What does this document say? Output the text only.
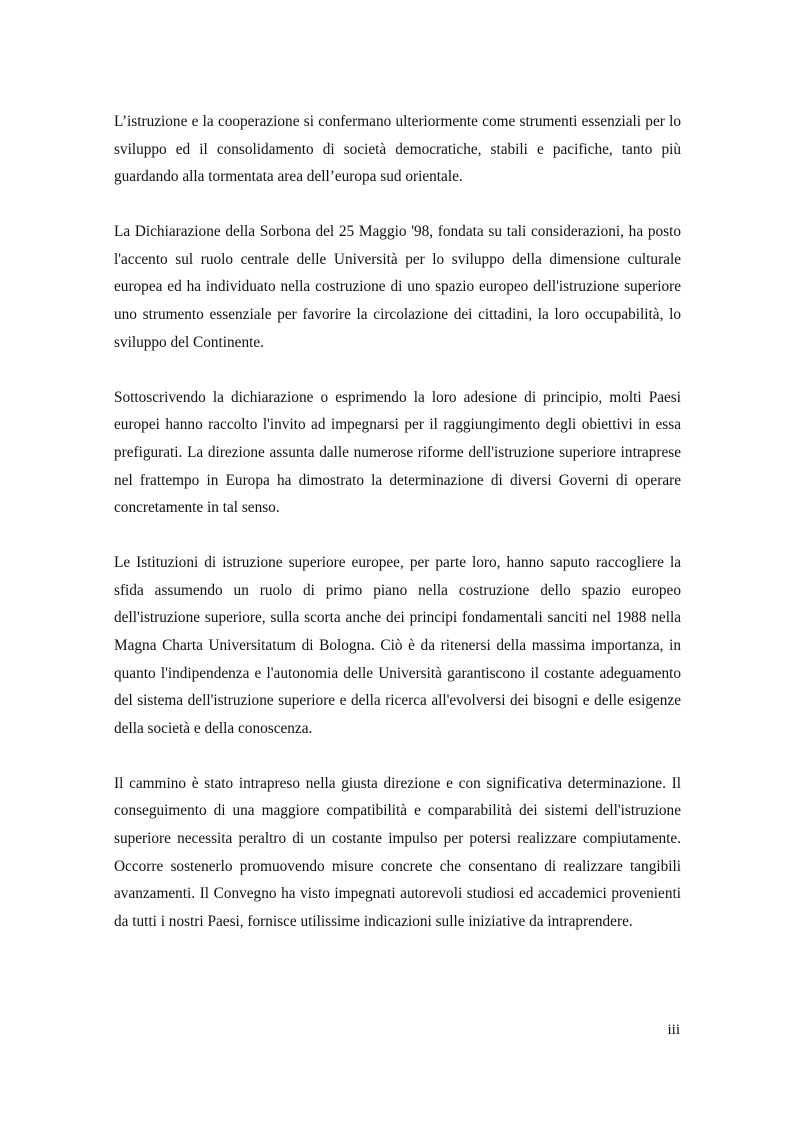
L’istruzione e la cooperazione si confermano ulteriormente come strumenti essenziali per lo sviluppo ed il consolidamento di società democratiche, stabili e pacifiche, tanto più guardando alla tormentata area dell’europa sud orientale.

La Dichiarazione della Sorbona del 25 Maggio '98, fondata su tali considerazioni, ha posto l'accento sul ruolo centrale delle Università per lo sviluppo della dimensione culturale europea ed ha individuato nella costruzione di uno spazio europeo dell'istruzione superiore uno strumento essenziale per favorire la circolazione dei cittadini, la loro occupabilità, lo sviluppo del Continente.

Sottoscrivendo la dichiarazione o esprimendo la loro adesione di principio, molti Paesi europei hanno raccolto l'invito ad impegnarsi per il raggiungimento degli obiettivi in essa prefigurati. La direzione assunta dalle numerose riforme dell'istruzione superiore intraprese nel frattempo in Europa ha dimostrato la determinazione di diversi Governi di operare concretamente in tal senso.

Le Istituzioni di istruzione superiore europee, per parte loro, hanno saputo raccogliere la sfida assumendo un ruolo di primo piano nella costruzione dello spazio europeo dell'istruzione superiore, sulla scorta anche dei principi fondamentali sanciti nel 1988 nella Magna Charta Universitatum di Bologna. Ciò è da ritenersi della massima importanza, in quanto l'indipendenza e l'autonomia delle Università garantiscono il costante adeguamento del sistema dell'istruzione superiore e della ricerca all'evolversi dei bisogni e delle esigenze della società e della conoscenza.

Il cammino è stato intrapreso nella giusta direzione e con significativa determinazione. Il conseguimento di una maggiore compatibilità e comparabilità dei sistemi dell'istruzione superiore necessita peraltro di un costante impulso per potersi realizzare compiutamente. Occorre sostenerlo promuovendo misure concrete che consentano di realizzare tangibili avanzamenti. Il Convegno ha visto impegnati autorevoli studiosi ed accademici provenienti da tutti i nostri Paesi, fornisce utilissime indicazioni sulle iniziative da intraprendere.

iii
